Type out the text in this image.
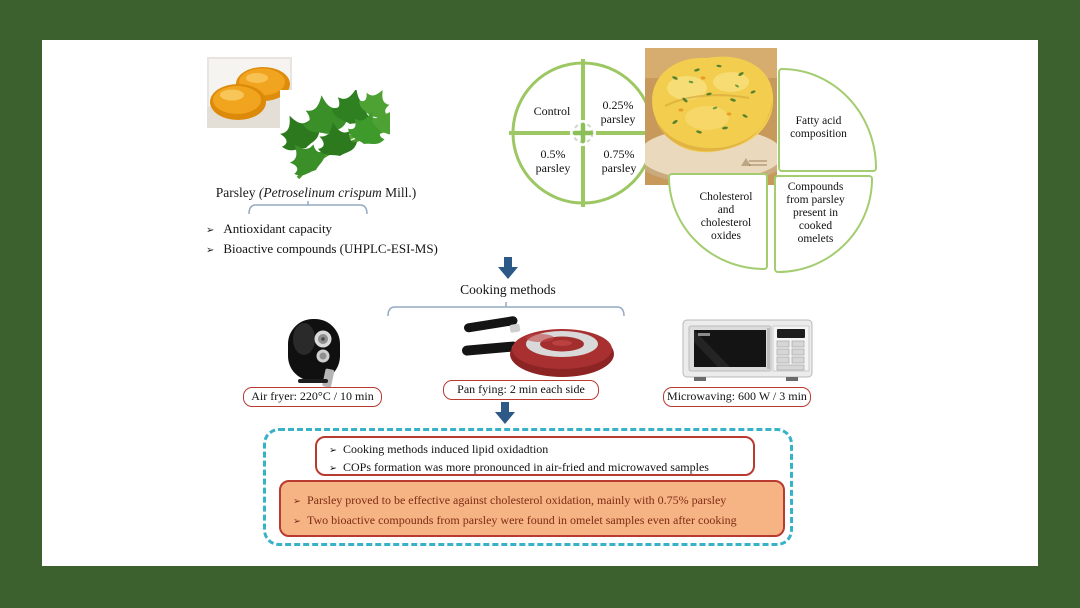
Parsley (Petroselinum crispum Mill.)
➢ Antioxidant capacity
➢ Bioactive compounds (UHPLC-ESI-MS)
Control	0.25% parsley
0.5% parsley
0.75% parsley
Fatty acid composition
Cholesterol and cholesterol oxides
Compounds from parsley present in cooked omelets
Cooking methods
Air fryer: 220°C / 10 min	Pan fying: 2 min each side	Microwaving: 600 W / 3 min
➢ Cooking methods induced lipid oxidadtion
➢ COPs formation was more pronounced in air-fried and microwaved samples
➢ Parsley proved to be effective against cholesterol oxidation, mainly with 0.75% parsley
➢ Two bioactive compounds from parsley were found in omelet samples even after cooking
